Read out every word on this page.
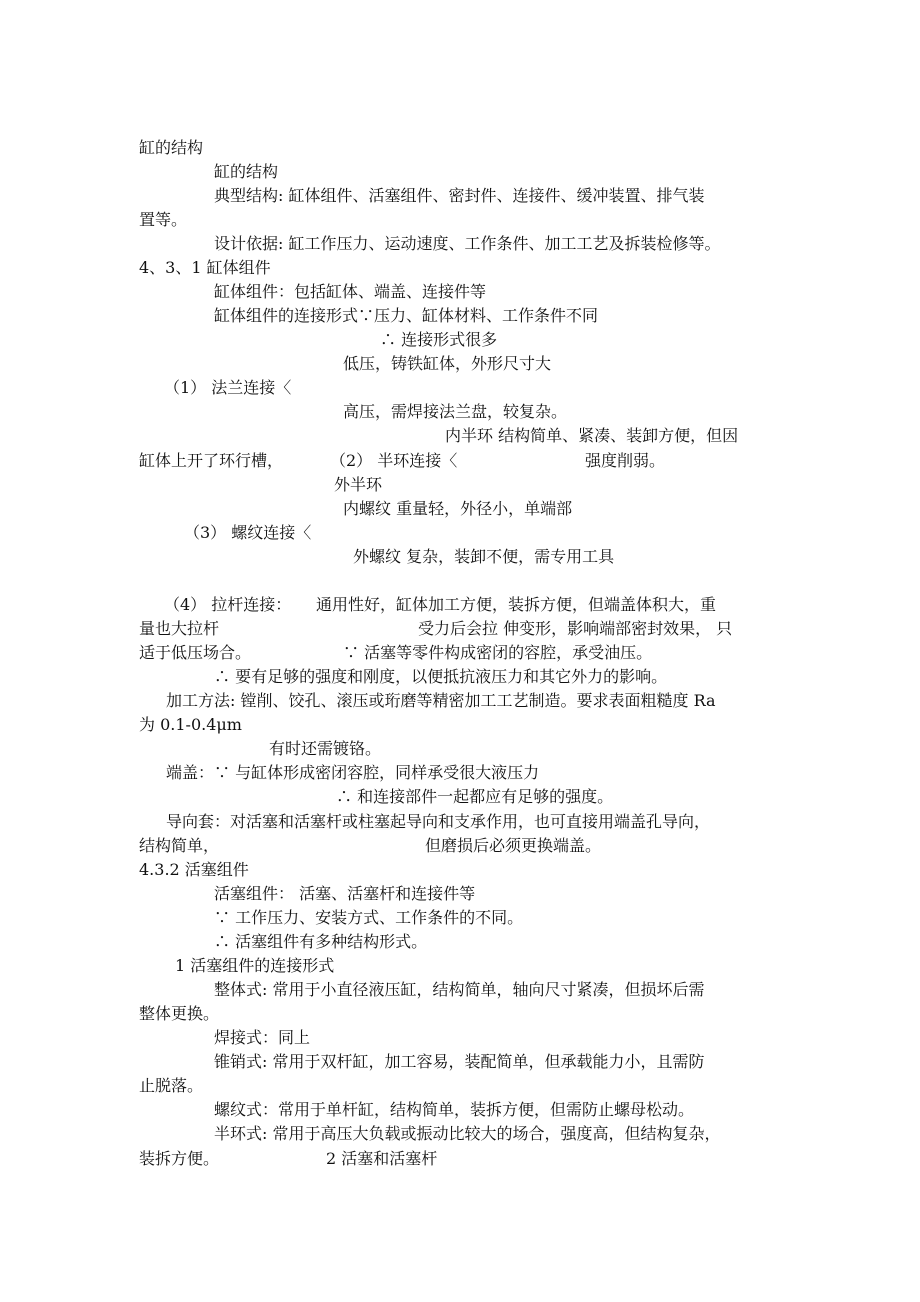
缸的结构
缸的结构
典型结构: 缸体组件、活塞组件、密封件、连接件、缓冲装置、排气装
置等。
设计依据: 缸工作压力、运动速度、工作条件、加工工艺及拆装检修等。
4、3、1 缸体组件
缸体组件：包括缸体、端盖、连接件等
缸体组件的连接形式∵压力、缸体材料、工作条件不同
∴ 连接形式很多
低压，铸铁缸体，外形尺寸大
（1） 法兰连接〈
高压，需焊接法兰盘，较复杂。
内半环 结构简单、紧凑、装卸方便，但因
缸体上开了环行槽，	（2） 半环连接〈	强度削弱。
外半环
内螺纹 重量轻，外径小，单端部
（3） 螺纹连接〈
外螺纹 复杂，装卸不便，需专用工具
（4） 拉杆连接： 通用性好，缸体加工方便，装拆方便，但端盖体积大，重
量也大拉杆	受力后会拉 伸变形，影响端部密封效果， 只
适于低压场合。	∵ 活塞等零件构成密闭的容腔，承受油压。
∴ 要有足够的强度和刚度，以便抵抗液压力和其它外力的影响。
加工方法: 镗削、饺孔、滚压或珩磨等精密加工工艺制造。要求表面粗糙度 Ra
为 0.1-0.4μm
有时还需镀铬。
端盖：∵ 与缸体形成密闭容腔，同样承受很大液压力
∴ 和连接部件一起都应有足够的强度。
导向套：对活塞和活塞杆或柱塞起导向和支承作用，也可直接用端盖孔导向，
结构简单，	但磨损后必须更换端盖。
4.3.2 活塞组件
活塞组件： 活塞、活塞杆和连接件等
∵ 工作压力、安装方式、工作条件的不同。
∴ 活塞组件有多种结构形式。
1 活塞组件的连接形式
整体式: 常用于小直径液压缸，结构简单，轴向尺寸紧凑，但损坏后需
整体更换。
焊接式：同上
锥销式: 常用于双杆缸，加工容易，装配简单，但承载能力小，且需防
止脱落。
螺纹式：常用于单杆缸，结构简单，装拆方便，但需防止螺母松动。
半环式: 常用于高压大负载或振动比较大的场合，强度高，但结构复杂，
装拆方便。	2 活塞和活塞杆
